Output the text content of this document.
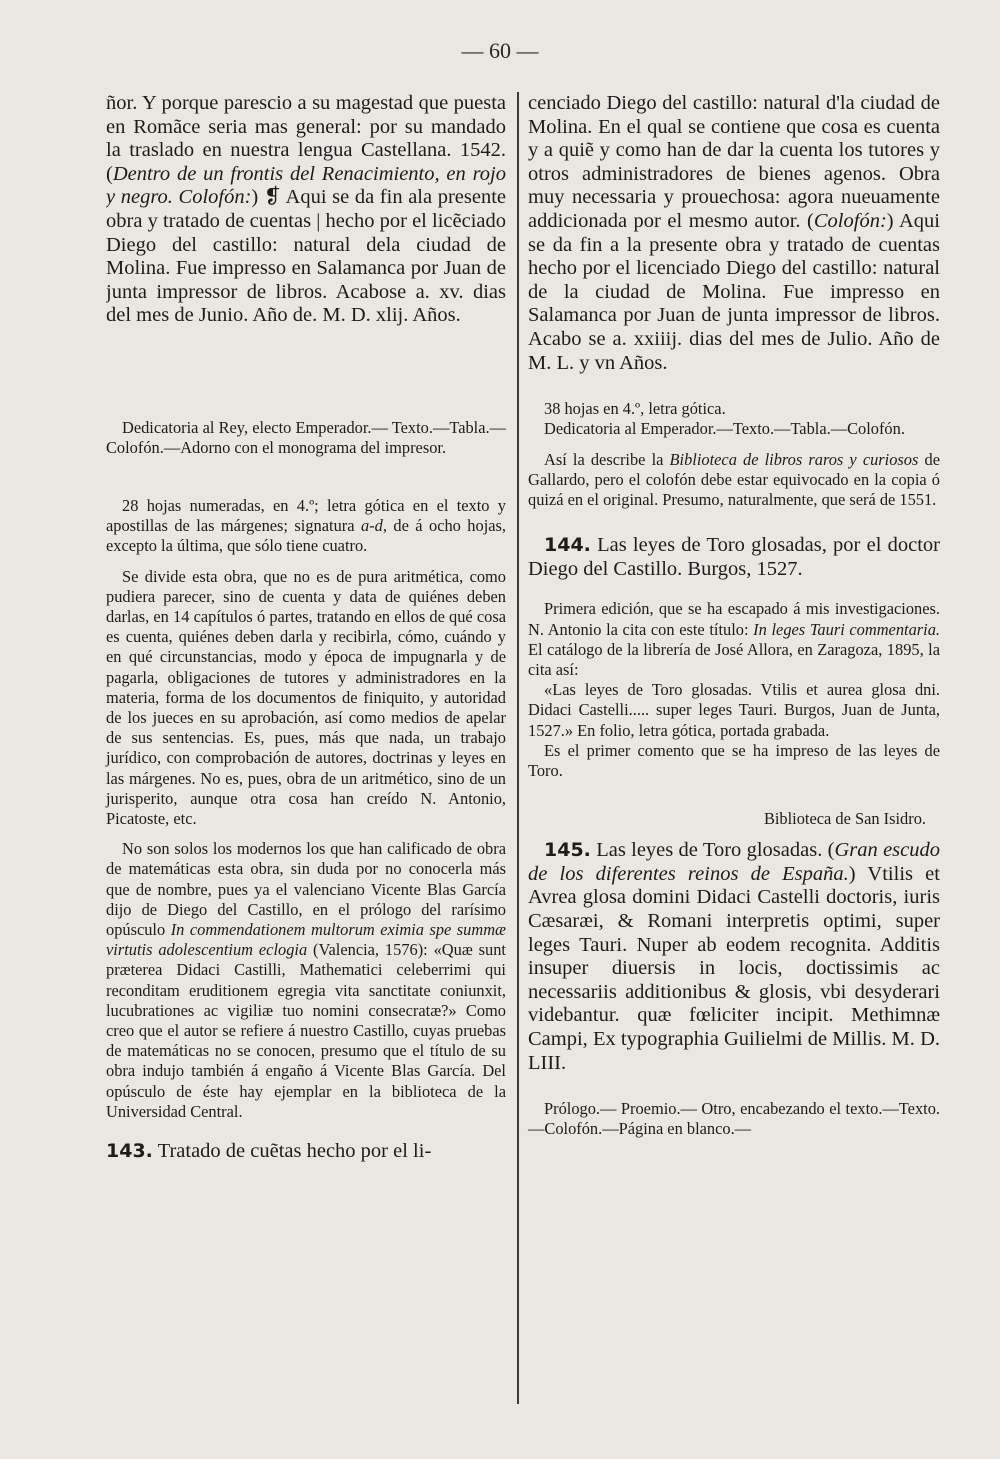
— 60 —

ñor. Y porque parescio a su magestad que puesta en Romãce seria mas general: por su mandado la traslado en nuestra lengua Castellana. 1542. (Dentro de un frontis del Renacimiento, en rojo y negro. Colofón:) ❡ Aqui se da fin ala presente obra y tratado de cuentas | hecho por el licẽciado Diego del castillo: natural dela ciudad de Molina. Fue impresso en Salamanca por Juan de junta impressor de libros. Acabose a. xv. dias del mes de Junio. Año de. M. D. xlij. Años.

Dedicatoria al Rey, electo Emperador.— Texto.—Tabla.—Colofón.—Adorno con el monograma del impresor.

28 hojas numeradas, en 4.º; letra gótica en el texto y apostillas de las márgenes; signatura a-d, de á ocho hojas, excepto la última, que sólo tiene cuatro.

Se divide esta obra, que no es de pura aritmética, como pudiera parecer, sino de cuenta y data de quiénes deben darlas, en 14 capítulos ó partes, tratando en ellos de qué cosa es cuenta, quiénes deben darla y recibirla, cómo, cuándo y en qué circunstancias, modo y época de impugnarla y de pagarla, obligaciones de tutores y administradores en la materia, forma de los documentos de finiquito, y autoridad de los jueces en su aprobación, así como medios de apelar de sus sentencias. Es, pues, más que nada, un trabajo jurídico, con comprobación de autores, doctrinas y leyes en las márgenes. No es, pues, obra de un aritmético, sino de un jurisperito, aunque otra cosa han creído N. Antonio, Picatoste, etc.

No son solos los modernos los que han calificado de obra de matemáticas esta obra, sin duda por no conocerla más que de nombre, pues ya el valenciano Vicente Blas García dijo de Diego del Castillo, en el prólogo del rarísimo opúsculo In commendationem multorum eximia spe summæ virtutis adolescentium eclogia (Valencia, 1576): «Quæ sunt præterea Didaci Castilli, Mathematici celeberrimi qui reconditam eruditionem egregia vita sanctitate coniunxit, lucubrationes ac vigiliæ tuo nomini consecratæ?» Como creo que el autor se refiere á nuestro Castillo, cuyas pruebas de matemáticas no se conocen, presumo que el título de su obra indujo también á engaño á Vicente Blas García. Del opúsculo de éste hay ejemplar en la biblioteca de la Universidad Central.

143. Tratado de cuẽtas hecho por el li-

cenciado Diego del castillo: natural d'la ciudad de Molina. En el qual se contiene que cosa es cuenta y a quiẽ y como han de dar la cuenta los tutores y otros administradores de bienes agenos. Obra muy necessaria y prouechosa: agora nueuamente addicionada por el mesmo autor. (Colofón:) Aqui se da fin a la presente obra y tratado de cuentas hecho por el licenciado Diego del castillo: natural de la ciudad de Molina. Fue impresso en Salamanca por Juan de junta impressor de libros. Acabo se a. xxiiij. dias del mes de Julio. Año de M. L. y vn Años.

38 hojas en 4.º, letra gótica.

Dedicatoria al Emperador.—Texto.—Tabla.—Colofón.

Así la describe la Biblioteca de libros raros y curiosos de Gallardo, pero el colofón debe estar equivocado en la copia ó quizá en el original. Presumo, naturalmente, que será de 1551.

144. Las leyes de Toro glosadas, por el doctor Diego del Castillo. Burgos, 1527.

Primera edición, que se ha escapado á mis investigaciones. N. Antonio la cita con este título: In leges Tauri commentaria. El catálogo de la librería de José Allora, en Zaragoza, 1895, la cita así:

«Las leyes de Toro glosadas. Vtilis et aurea glosa dni. Didaci Castelli..... super leges Tauri. Burgos, Juan de Junta, 1527.» En folio, letra gótica, portada grabada.

Es el primer comento que se ha impreso de las leyes de Toro.

Biblioteca de San Isidro.

145. Las leyes de Toro glosadas. (Gran escudo de los diferentes reinos de España.) Vtilis et Avrea glosa domini Didaci Castelli doctoris, iuris Cæsaræi, & Romani interpretis optimi, super leges Tauri. Nuper ab eodem recognita. Additis insuper diuersis in locis, doctissimis ac necessariis additionibus & glosis, vbi desyderari videbantur. quæ fœliciter incipit. Methimnæ Campi, Ex typographia Guilielmi de Millis. M. D. LIII.

Prólogo.— Proemio.— Otro, encabezando el texto.—Texto.—Colofón.—Página en blanco.—
